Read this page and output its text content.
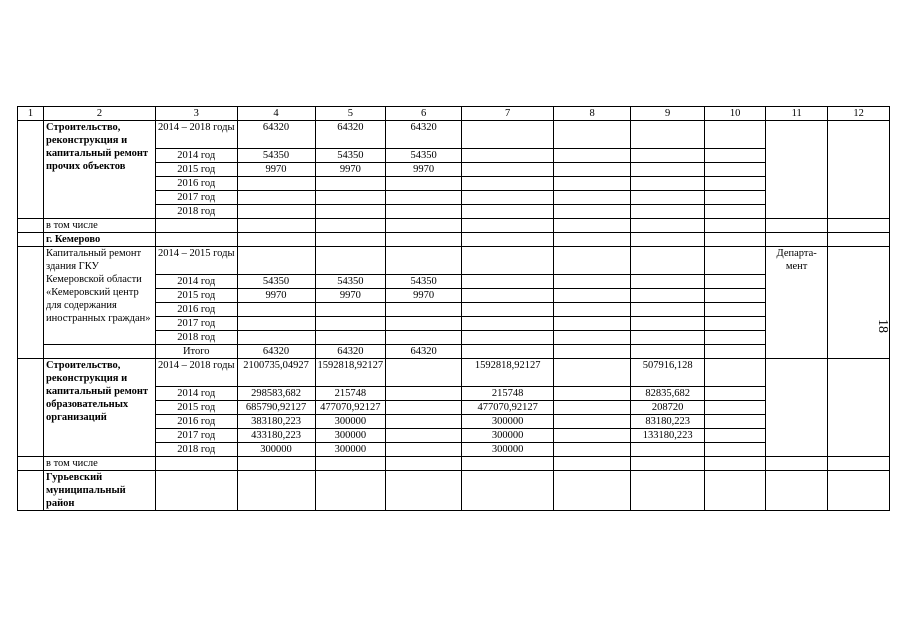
1	2	3	4	5	6	7	8	9	10	11	12
	Строительство, реконструкция и капитальный ремонт прочих объектов	2014 – 2018 годы	64320	64320	64320						
		2014 год	54350	54350	54350						
		2015 год	9970	9970	9970						
		2016 год									
		2017 год									
		2018 год									
	в том числе										
	г. Кемерово										
	Капитальный ремонт здания ГКУ Кемеровской области «Кемеровский центр для содержания иностранных граждан»	2014 – 2015 годы								Департа- мент	
		2014 год	54350	54350	54350						
		2015 год	9970	9970	9970						
		2016 год									
		2017 год									
		2018 год									
		Итого	64320	64320	64320						
	Строительство, реконструкция и капитальный ремонт образовательных организаций	2014 – 2018 годы	2100735,04927	1592818,92127		1592818,92127		507916,128			
		2014 год	298583,682	215748		215748		82835,682			
		2015 год	685790,92127	477070,92127		477070,92127		208720			
		2016 год	383180,223	300000		300000		83180,223			
		2017 год	433180,223	300000		300000		133180,223			
		2018 год	300000	300000		300000					
	в том числе										
	Гурьевский муниципальный район										
18
